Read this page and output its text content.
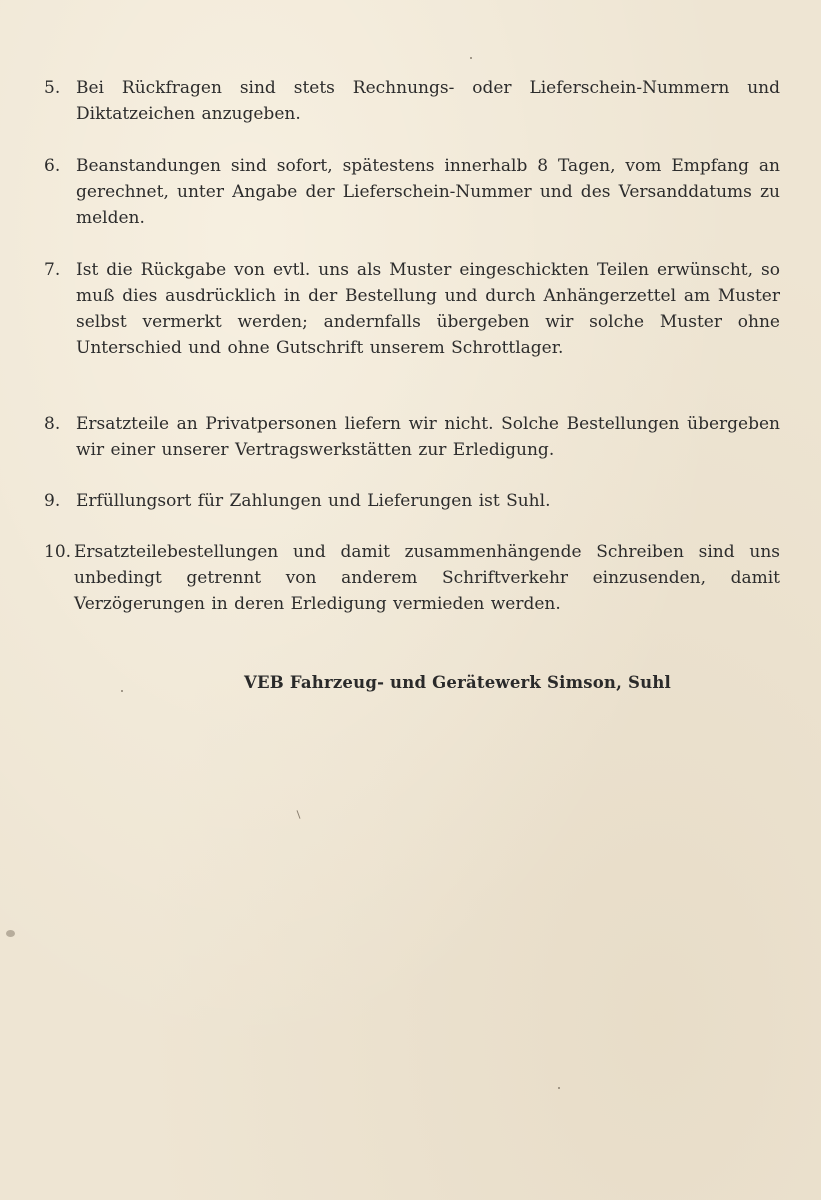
5. Bei Rückfragen sind stets Rechnungs- oder Lieferschein-Nummern und Diktatzeichen anzugeben.
6. Beanstandungen sind sofort, spätestens innerhalb 8 Tagen, vom Empfang an gerechnet, unter Angabe der Lieferschein-Nummer und des Versanddatums zu melden.
7. Ist die Rückgabe von evtl. uns als Muster eingeschickten Teilen erwünscht, so muß dies ausdrücklich in der Bestellung und durch Anhängerzettel am Muster selbst vermerkt werden; andernfalls übergeben wir solche Muster ohne Unterschied und ohne Gutschrift unserem Schrottlager.
8. Ersatzteile an Privatpersonen liefern wir nicht. Solche Bestellungen übergeben wir einer unserer Vertragswerkstätten zur Erledigung.
9. Erfüllungsort für Zahlungen und Lieferungen ist Suhl.
10. Ersatzteilebestellungen und damit zusammenhängende Schreiben sind uns unbedingt getrennt von anderem Schriftverkehr einzusenden, damit Verzögerungen in deren Erledigung vermieden werden.
VEB Fahrzeug- und Gerätewerk Simson, Suhl
